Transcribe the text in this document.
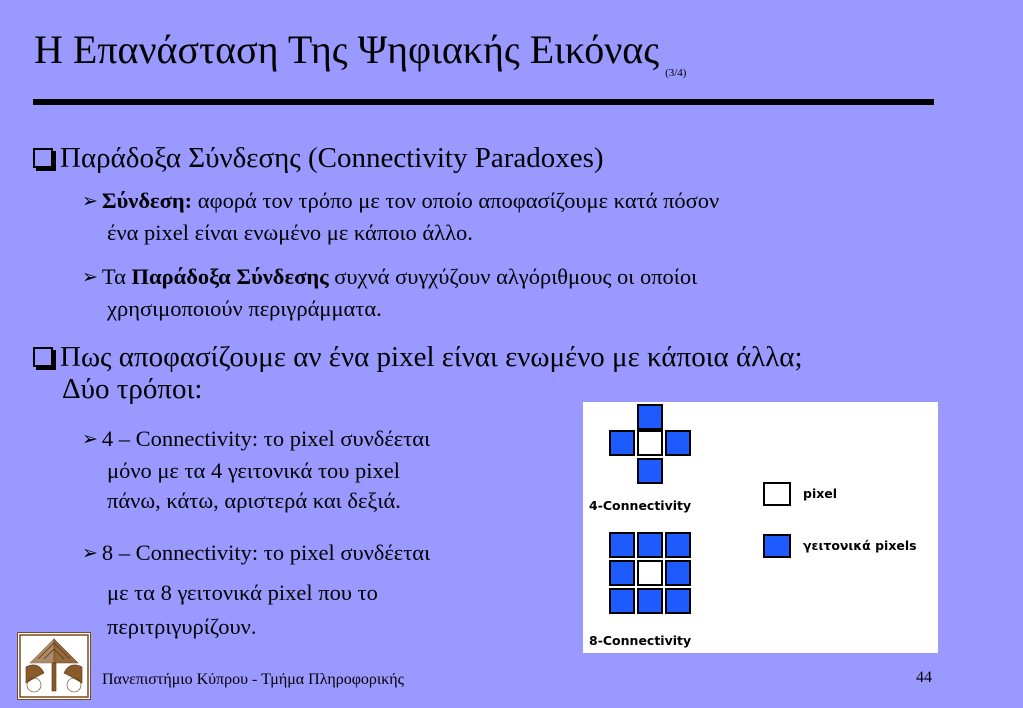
Η Επανάσταση Της Ψηφιακής Εικόνας$^{(3/4)}$
Παράδοξα Σύνδεσης (Connectivity Paradoxes)
➢ Σύνδεση: αφορά τον τρόπο με τον οποίο αποφασίζουμε κατά πόσον
ένα pixel είναι ενωμένο με κάποιο άλλο.
➢ Τα Παράδοξα Σύνδεσης συχνά συγχύζουν αλγόριθμους οι οποίοι
χρησιμοποιούν περιγράμματα.
Πως αποφασίζουμε αν ένα pixel είναι ενωμένο με κάποια άλλα;
Δύο τρόποι:
➢ 4 – Connectivity: το pixel συνδέεται
μόνο με τα 4 γειτονικά του pixel
πάνω, κάτω, αριστερά και δεξιά.
➢ 8 – Connectivity: το pixel συνδέεται
με τα 8 γειτονικά pixel που το
περιτριγυρίζουν.
4-Connectivity
8-Connectivity
pixel
γειτονικά pixels
Πανεπιστήμιο Κύπρου - Τμήμα Πληροφορικής	44
